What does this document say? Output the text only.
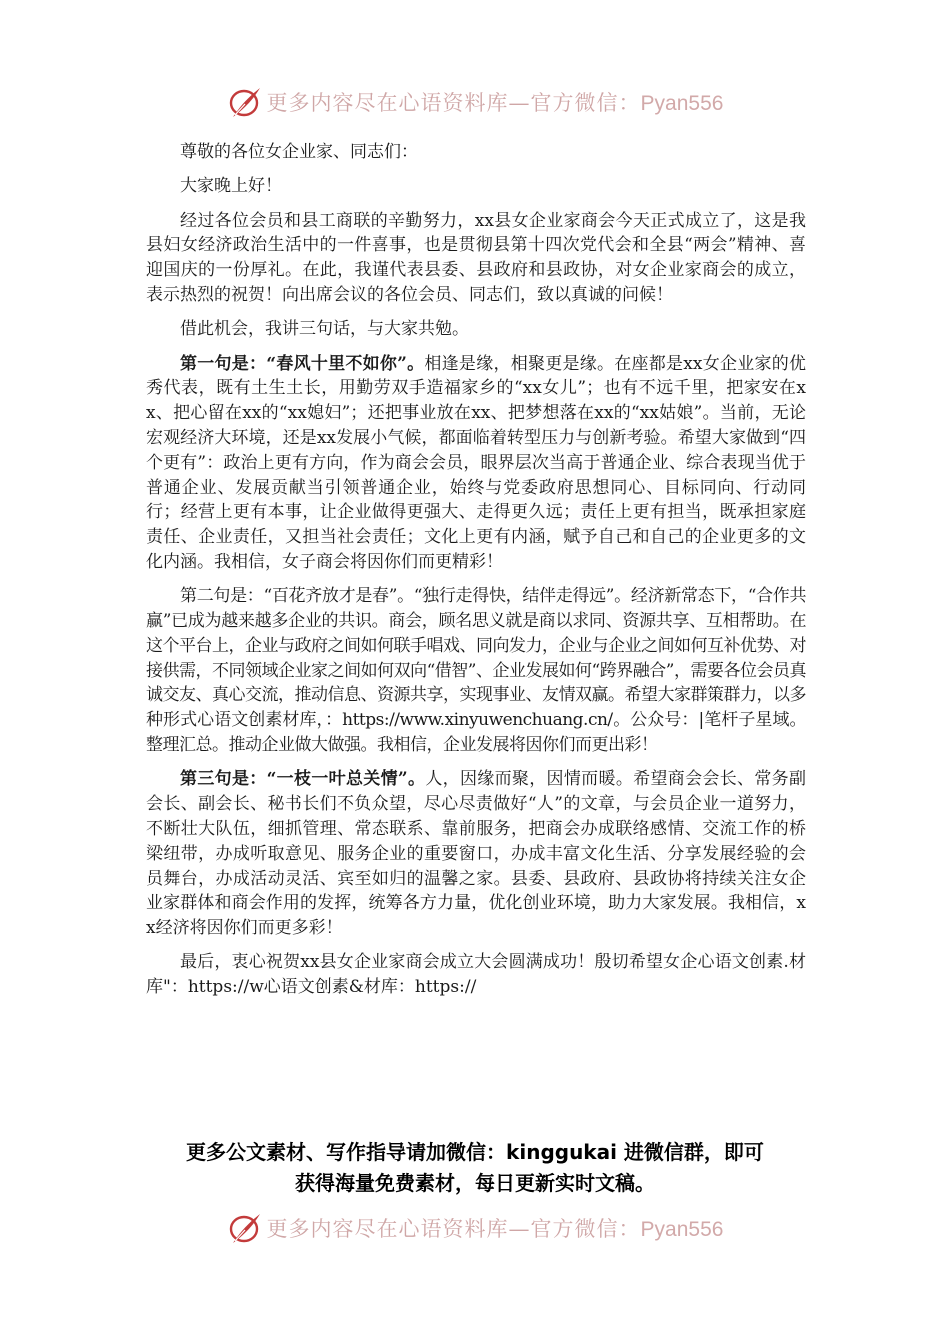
更多内容尽在心语资料库—官方微信：Pyan556

尊敬的各位女企业家、同志们：

大家晚上好！

经过各位会员和县工商联的辛勤努力，xx县女企业家商会今天正式成立了，这是我县妇女经济政治生活中的一件喜事，也是贯彻县第十四次党代会和全县“两会”精神、喜迎国庆的一份厚礼。在此，我谨代表县委、县政府和县政协，对女企业家商会的成立，表示热烈的祝贺！向出席会议的各位会员、同志们，致以真诚的问候！

借此机会，我讲三句话，与大家共勉。

第一句是：“春风十里不如你”。相逢是缘，相聚更是缘。在座都是xx女企业家的优秀代表，既有土生土长，用勤劳双手造福家乡的“xx女儿”；也有不远千里，把家安在xx、把心留在xx的“xx媳妇”；还把事业放在xx、把梦想落在xx的“xx姑娘”。当前，无论宏观经济大环境，还是xx发展小气候，都面临着转型压力与创新考验。希望大家做到“四个更有”：政治上更有方向，作为商会会员，眼界层次当高于普通企业、综合表现当优于普通企业、发展贡献当引领普通企业，始终与党委政府思想同心、目标同向、行动同行；经营上更有本事，让企业做得更强大、走得更久远；责任上更有担当，既承担家庭责任、企业责任，又担当社会责任；文化上更有内涵，赋予自己和自己的企业更多的文化内涵。我相信，女子商会将因你们而更精彩！

第二句是：“百花齐放才是春”。“独行走得快，结伴走得远”。经济新常态下，“合作共赢”已成为越来越多企业的共识。商会，顾名思义就是商以求同、资源共享、互相帮助。在这个平台上，企业与政府之间如何联手唱戏、同向发力，企业与企业之间如何互补优势、对接供需，不同领域企业家之间如何双向“借智”、企业发展如何“跨界融合”，需要各位会员真诚交友、真心交流，推动信息、资源共享，实现事业、友情双赢。希望大家群策群力，以多种形式心语文创素材库，：https://www.xinyuwenchuang.cn/。公众号：|笔杆子星域。整理汇总。推动企业做大做强。我相信，企业发展将因你们而更出彩！

第三句是：“一枝一叶总关情”。人，因缘而聚，因情而暖。希望商会会长、常务副会长、副会长、秘书长们不负众望，尽心尽责做好“人”的文章，与会员企业一道努力，不断壮大队伍，细抓管理、常态联系、靠前服务，把商会办成联络感情、交流工作的桥梁纽带，办成听取意见、服务企业的重要窗口，办成丰富文化生活、分享发展经验的会员舞台，办成活动灵活、宾至如归的温馨之家。县委、县政府、县政协将持续关注女企业家群体和商会作用的发挥，统筹各方力量，优化创业环境，助力大家发展。我相信，xx经济将因你们而更多彩！

最后，衷心祝贺xx县女企业家商会成立大会圆满成功！殷切希望女企心语文创素.材库"：https://w心语文创素&材库：https://

更多公文素材、写作指导请加微信：kinggukai 进微信群，即可
获得海量免费素材，每日更新实时文稿。
更多内容尽在心语资料库—官方微信：Pyan556
